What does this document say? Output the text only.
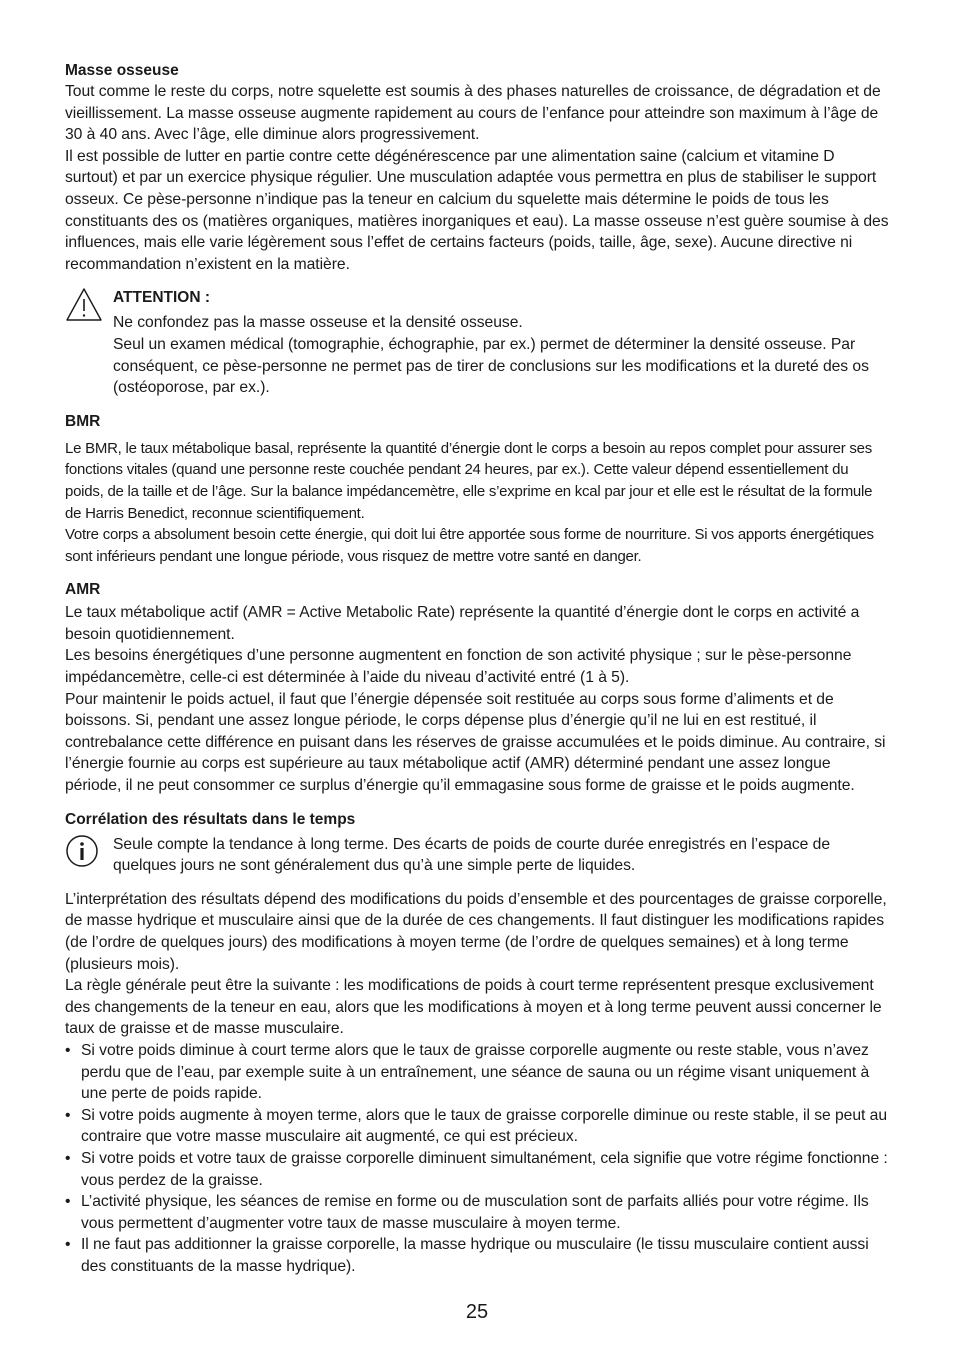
Masse osseuse

Tout comme le reste du corps, notre squelette est soumis à des phases naturelles de croissance, de dégradation et de vieillissement. La masse osseuse augmente rapidement au cours de l’enfance pour atteindre son maximum à l’âge de 30 à 40 ans. Avec l’âge, elle diminue alors progressivement.

Il est possible de lutter en partie contre cette dégénérescence par une alimentation saine (calcium et vitamine D surtout) et par un exercice physique régulier. Une musculation adaptée vous permettra en plus de stabiliser le support osseux. Ce pèse-personne n’indique pas la teneur en calcium du squelette mais détermine le poids de tous les constituants des os (matières organiques, matières inorganiques et eau). La masse osseuse n’est guère soumise à des influences, mais elle varie légèrement sous l’effet de certains facteurs (poids, taille, âge, sexe). Aucune directive ni recommandation n’existent en la matière.

ATTENTION :

Ne confondez pas la masse osseuse et la densité osseuse.

Seul un examen médical (tomographie, échographie, par ex.) permet de déterminer la densité osseuse. Par conséquent, ce pèse-personne ne permet pas de tirer de conclusions sur les modifications et la dureté des os (ostéoporose, par ex.).

BMR

Le BMR, le taux métabolique basal, représente la quantité d’énergie dont le corps a besoin au repos complet pour assurer ses fonctions vitales (quand une personne reste couchée pendant 24 heures, par ex.). Cette valeur dépend essentiellement du poids, de la taille et de l’âge. Sur la balance impédancemètre, elle s’exprime en kcal par jour et elle est le résultat de la formule de Harris Benedict, reconnue scientifiquement.

Votre corps a absolument besoin cette énergie, qui doit lui être apportée sous forme de nourriture. Si vos apports énergétiques sont inférieurs pendant une longue période, vous risquez de mettre votre santé en danger.

AMR

Le taux métabolique actif (AMR = Active Metabolic Rate) représente la quantité d’énergie dont le corps en activité a besoin quotidiennement.

Les besoins énergétiques d’une personne augmentent en fonction de son activité physique ; sur le pèse-personne impédancemètre, celle-ci est déterminée à l’aide du niveau d’activité entré (1 à 5).

Pour maintenir le poids actuel, il faut que l’énergie dépensée soit restituée au corps sous forme d’aliments et de boissons. Si, pendant une assez longue période, le corps dépense plus d’énergie qu’il ne lui en est restitué, il contrebalance cette différence en puisant dans les réserves de graisse accumulées et le poids diminue. Au contraire, si l’énergie fournie au corps est supérieure au taux métabolique actif (AMR) déterminé pendant une assez longue période, il ne peut consommer ce surplus d’énergie qu’il emmagasine sous forme de graisse et le poids augmente.

Corrélation des résultats dans le temps

Seule compte la tendance à long terme. Des écarts de poids de courte durée enregistrés en l’espace de quelques jours ne sont généralement dus qu’à une simple perte de liquides.

L’interprétation des résultats dépend des modifications du poids d’ensemble et des pourcentages de graisse corporelle, de masse hydrique et musculaire ainsi que de la durée de ces changements. Il faut distinguer les modifications rapides (de l’ordre de quelques jours) des modifications à moyen terme (de l’ordre de quelques semaines) et à long terme (plusieurs mois).

La règle générale peut être la suivante : les modifications de poids à court terme représentent presque exclusivement des changements de la teneur en eau, alors que les modifications à moyen et à long terme peuvent aussi concerner le taux de graisse et de masse musculaire.

• Si votre poids diminue à court terme alors que le taux de graisse corporelle augmente ou reste stable, vous n’avez perdu que de l’eau, par exemple suite à un entraînement, une séance de sauna ou un régime visant uniquement à une perte de poids rapide.
• Si votre poids augmente à moyen terme, alors que le taux de graisse corporelle diminue ou reste stable, il se peut au contraire que votre masse musculaire ait augmenté, ce qui est précieux.
• Si votre poids et votre taux de graisse corporelle diminuent simultanément, cela signifie que votre régime fonctionne : vous perdez de la graisse.
• L’activité physique, les séances de remise en forme ou de musculation sont de parfaits alliés pour votre régime. Ils vous permettent d’augmenter votre taux de masse musculaire à moyen terme.
• Il ne faut pas additionner la graisse corporelle, la masse hydrique ou musculaire (le tissu musculaire contient aussi des constituants de la masse hydrique).
25
